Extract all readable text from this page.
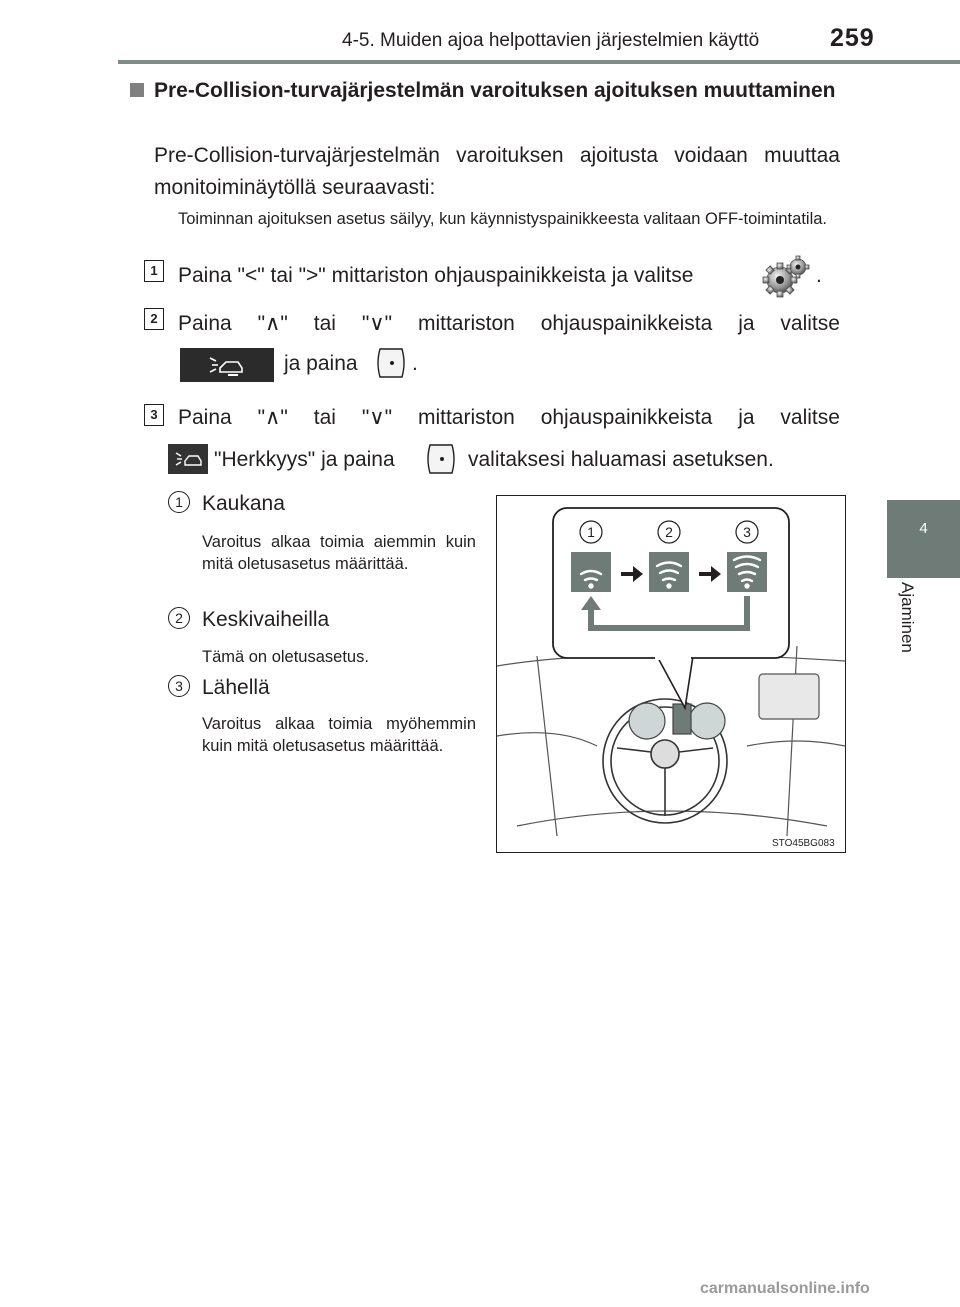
4-5. Muiden ajoa helpottavien järjestelmien käyttö	259
4
Ajaminen
Pre-Collision-turvajärjestelmän varoituksen ajoituksen muuttaminen
Pre-Collision-turvajärjestelmän varoituksen ajoitusta voidaan muuttaa monitoiminäytöllä seuraavasti:
Toiminnan ajoituksen asetus säilyy, kun käynnistyspainikkeesta valitaan OFF-toimintatila.
1 Paina "<" tai ">" mittariston ohjauspainikkeista ja valitse	.
2 Paina "∧" tai "∨" mittariston ohjauspainikkeista ja valitse
ja paina	.
3 Paina "∧" tai "∨" mittariston ohjauspainikkeista ja valitse
"Herkkyys" ja paina	valitaksesi haluamasi asetuksen.
1 Kaukana
Varoitus alkaa toimia aiemmin kuin mitä oletusasetus määrittää.
2 Keskivaiheilla
Tämä on oletusasetus.
3 Lähellä
Varoitus alkaa toimia myöhemmin kuin mitä oletusasetus määrittää.
1	2	3
STO45BG083
carmanualsonline.info
